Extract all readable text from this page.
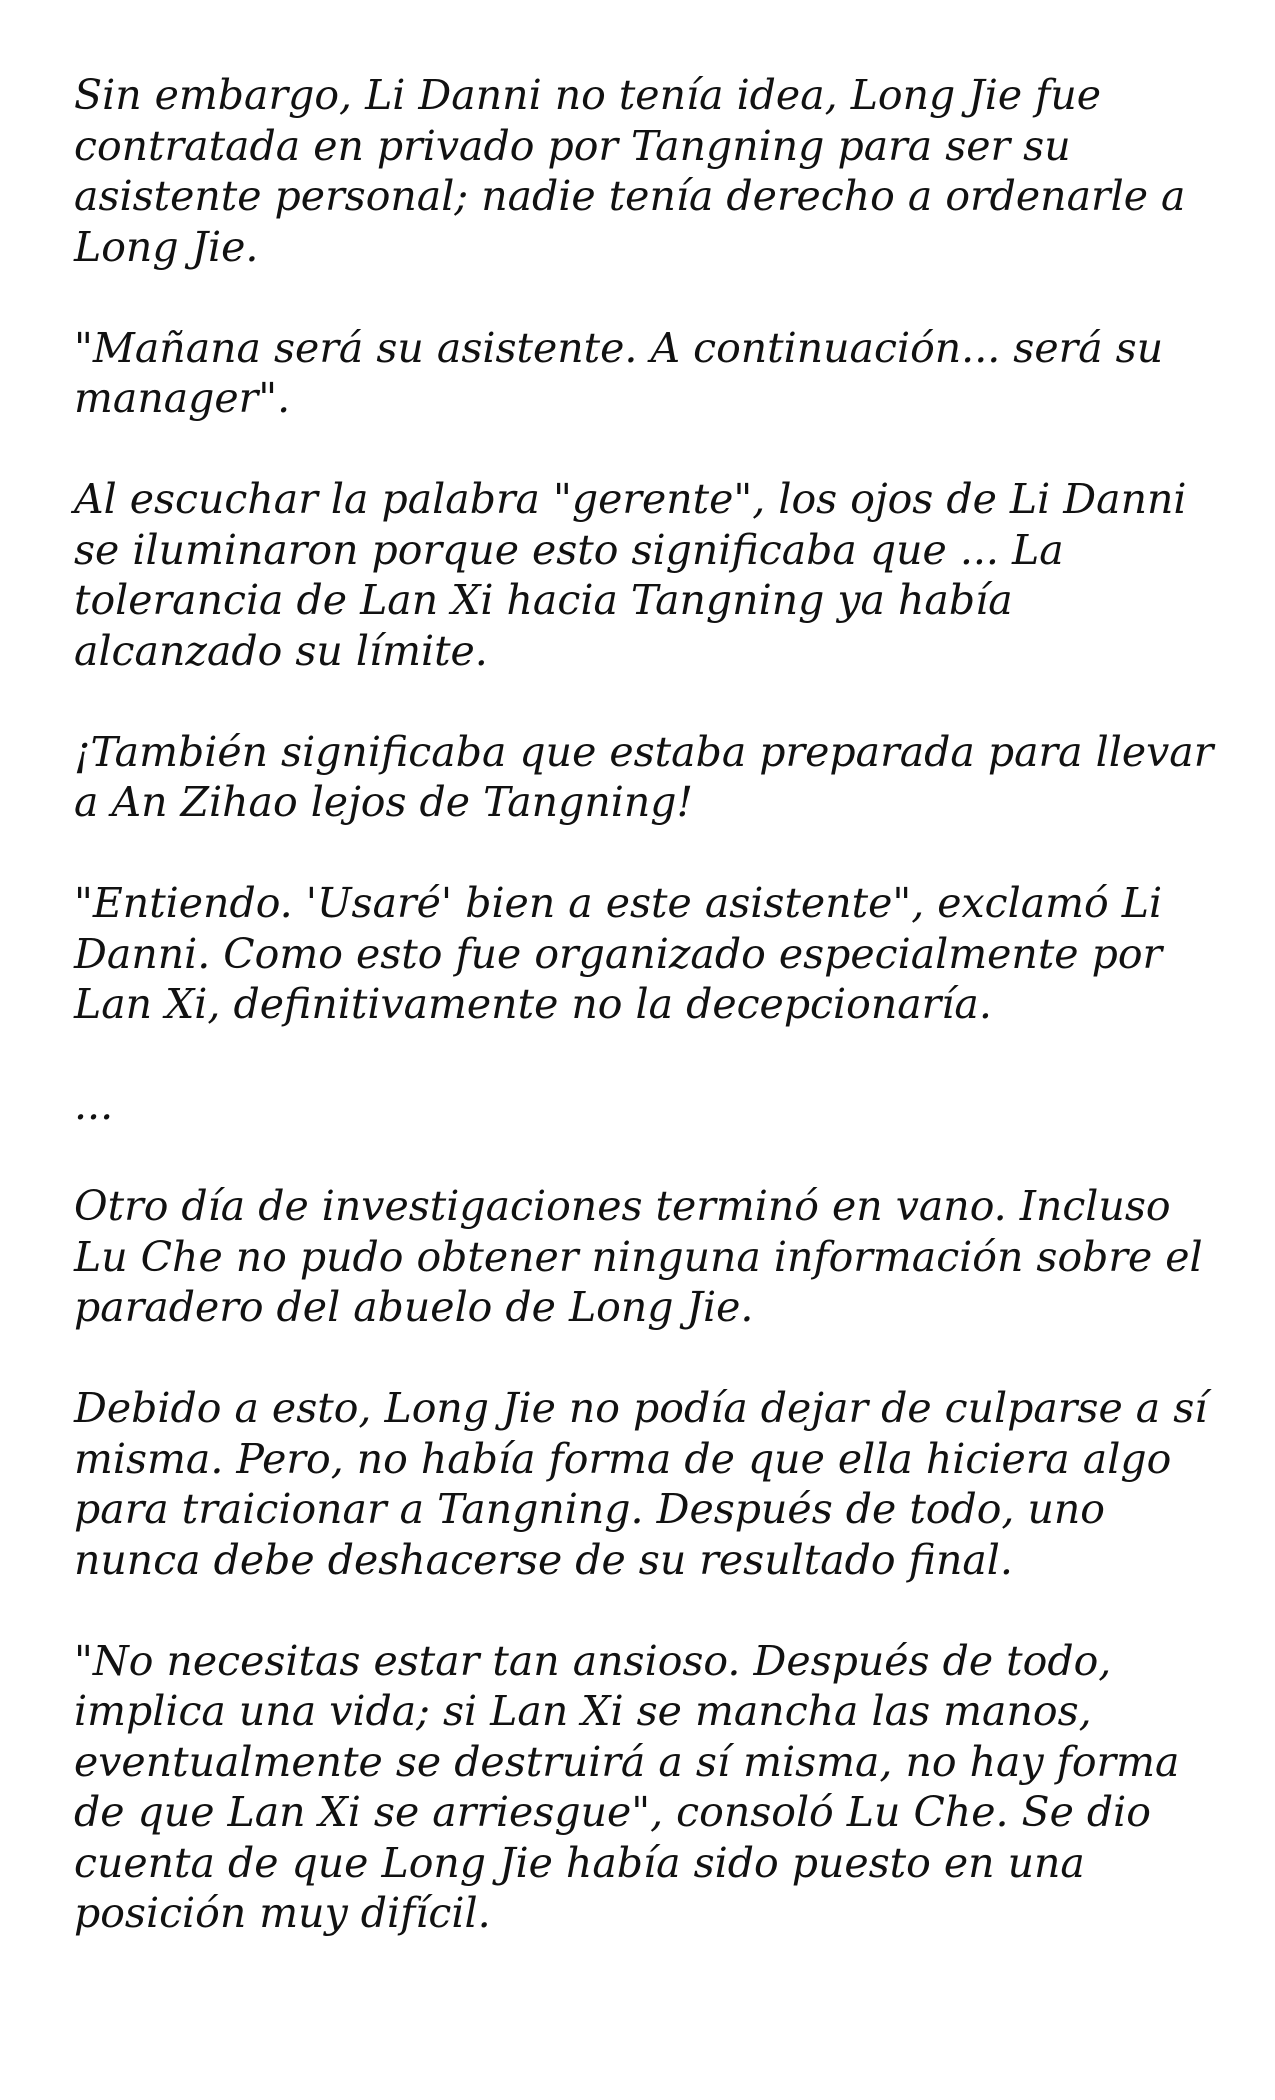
Sin embargo, Li Danni no tenía idea, Long Jie fue contratada en privado por Tangning para ser su asistente personal; nadie tenía derecho a ordenarle a Long Jie.

"Mañana será su asistente. A continuación... será su manager".

Al escuchar la palabra "gerente", los ojos de Li Danni se iluminaron porque esto significaba que ... La tolerancia de Lan Xi hacia Tangning ya había alcanzado su límite.

¡También significaba que estaba preparada para llevar a An Zihao lejos de Tangning!

"Entiendo. 'Usaré' bien a este asistente", exclamó Li Danni. Como esto fue organizado especialmente por Lan Xi, definitivamente no la decepcionaría.

...

Otro día de investigaciones terminó en vano. Incluso Lu Che no pudo obtener ninguna información sobre el paradero del abuelo de Long Jie.

Debido a esto, Long Jie no podía dejar de culparse a sí misma. Pero, no había forma de que ella hiciera algo para traicionar a Tangning. Después de todo, uno nunca debe deshacerse de su resultado final.

"No necesitas estar tan ansioso. Después de todo, implica una vida; si Lan Xi se mancha las manos, eventualmente se destruirá a sí misma, no hay forma de que Lan Xi se arriesgue", consoló Lu Che. Se dio cuenta de que Long Jie había sido puesto en una posición muy difícil.
